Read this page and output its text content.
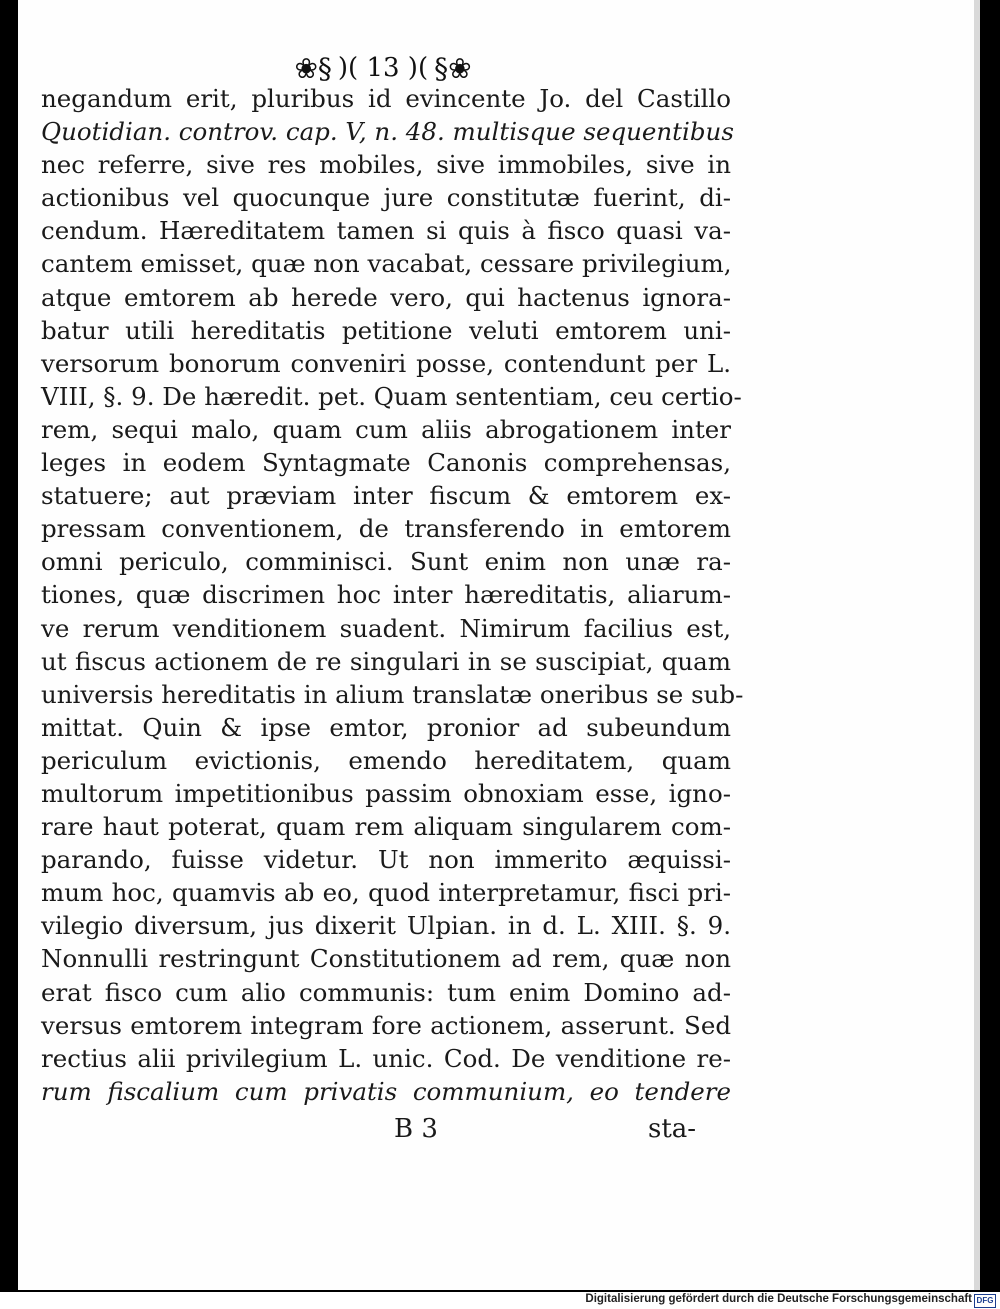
❀§ )( 13 )( §❀
negandum erit, pluribus id evincente Jo. del Castillo
Quotidian. controv. cap. V, n. 48. multisque sequentibus
nec referre, sive res mobiles, sive immobiles, sive in
actionibus vel quocunque jure constitutæ fuerint, di-
cendum. Hæreditatem tamen si quis à fisco quasi va-
cantem emisset, quæ non vacabat, cessare privilegium,
atque emtorem ab herede vero, qui hactenus ignora-
batur utili hereditatis petitione veluti emtorem uni-
versorum bonorum conveniri posse, contendunt per L.
VIII, §. 9. De hæredit. pet. Quam sententiam, ceu certio-
rem, sequi malo, quam cum aliis abrogationem inter
leges in eodem Syntagmate Canonis comprehensas,
statuere; aut præviam inter fiscum & emtorem ex-
pressam conventionem, de transferendo in emtorem
omni periculo, comminisci. Sunt enim non unæ ra-
tiones, quæ discrimen hoc inter hæreditatis, aliarum-
ve rerum venditionem suadent. Nimirum facilius est,
ut fiscus actionem de re singulari in se suscipiat, quam
universis hereditatis in alium translatæ oneribus se sub-
mittat. Quin & ipse emtor, pronior ad subeundum
periculum evictionis, emendo hereditatem, quam
multorum impetitionibus passim obnoxiam esse, igno-
rare haut poterat, quam rem aliquam singularem com-
parando, fuisse videtur. Ut non immerito æquissi-
mum hoc, quamvis ab eo, quod interpretamur, fisci pri-
vilegio diversum, jus dixerit Ulpian. in d. L. XIII. §. 9.
Nonnulli restringunt Constitutionem ad rem, quæ non
erat fisco cum alio communis: tum enim Domino ad-
versus emtorem integram fore actionem, asserunt. Sed
rectius alii privilegium L. unic. Cod. De venditione re-
rum fiscalium cum privatis communium, eo tendere
B 3	sta-
Digitalisierung gefördert durch die Deutsche Forschungsgemeinschaft DFG
